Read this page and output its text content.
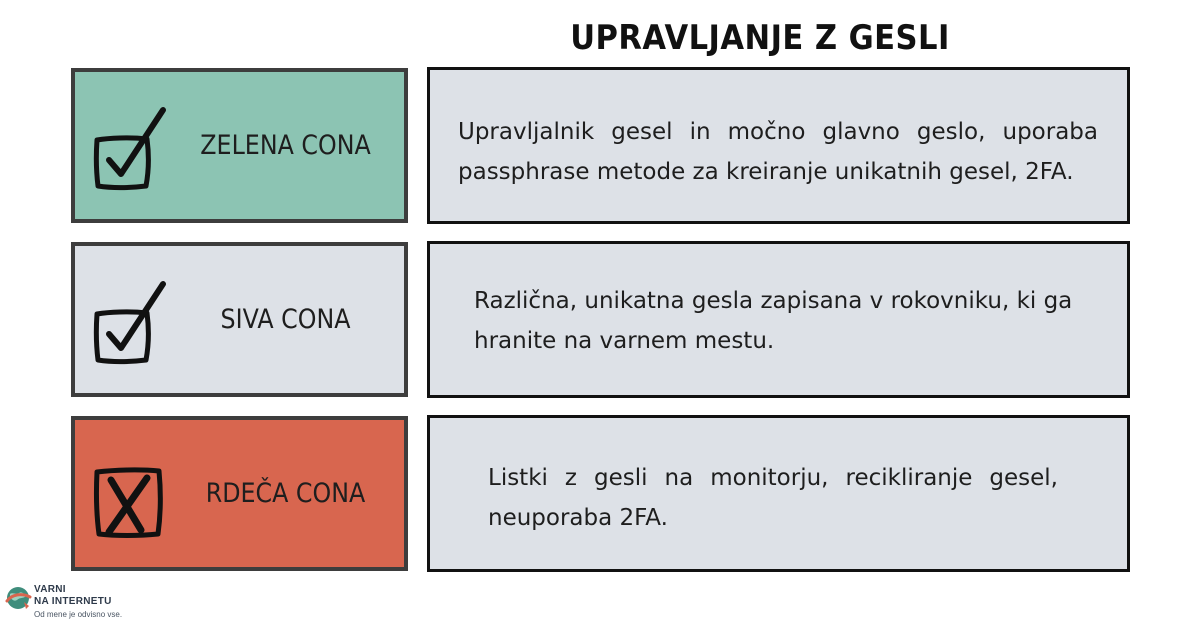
UPRAVLJANJE Z GESLI
ZELENA CONA	Upravljalnik gesel in močno glavno geslo, uporaba passphrase metode za kreiranje unikatnih gesel, 2FA.
SIVA CONA
Različna, unikatna gesla zapisana v rokovniku, ki ga hranite na varnem mestu.
RDEČA CONA	Listki z gesli na monitorju, recikliranje gesel, neuporaba 2FA.
VARNI
NA INTERNETU
Od mene je odvisno vse.
